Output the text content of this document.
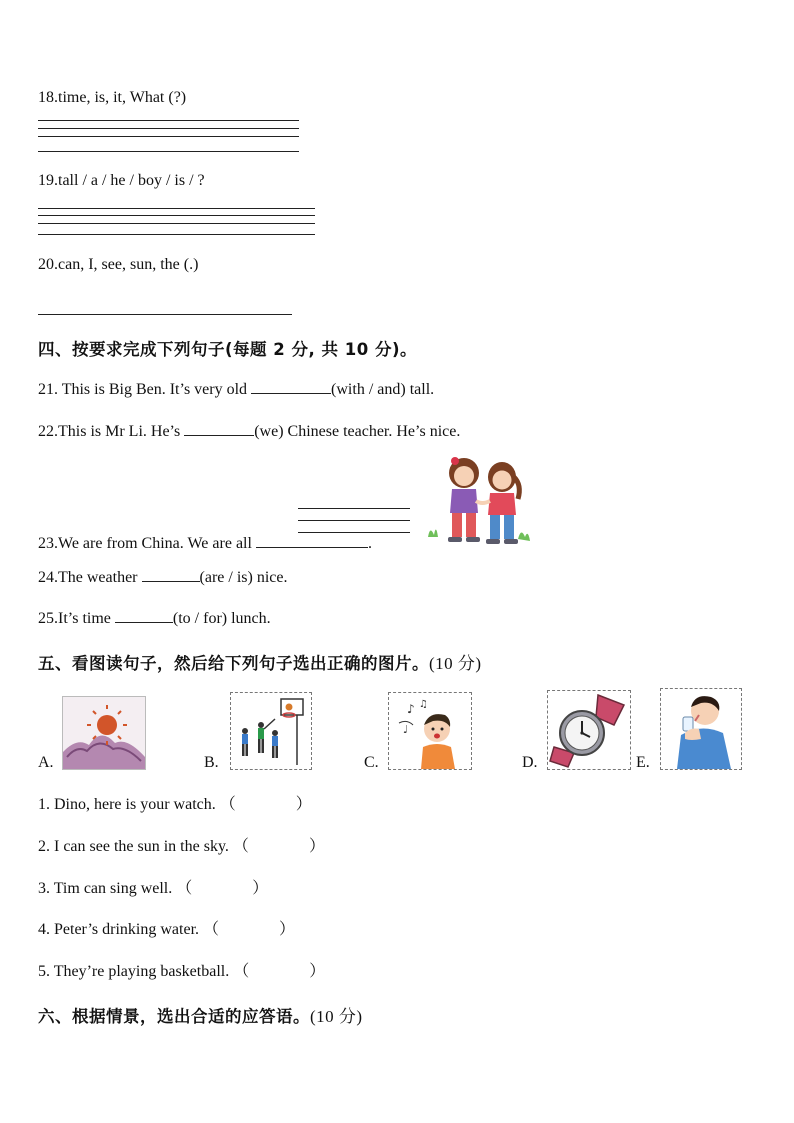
18.time, is, it, What (?)
19.tall / a / he / boy / is / ?
20.can, I, see, sun, the (.)
四、按要求完成下列句子(每题 2 分, 共 10 分)。
21. This is Big Ben. It’s very old	(with / and) tall.
22.This is Mr Li. He’s	(we) Chinese teacher. He’s nice.
23.We are from China. We are all	.
24.The weather	(are / is) nice.
25.It’s time	(to / for) lunch.
五、看图读句子，然后给下列句子选出正确的图片。(10 分)
A.	B.	C.
♪ ♫
♩
D.	E.
1. Dino, here is your watch. （	）
2. I can see the sun in the sky. （	）
3. Tim can sing well. （	）
4. Peter’s drinking water. （	）
5. They’re playing basketball. （	）
六、根据情景，选出合适的应答语。(10 分)
